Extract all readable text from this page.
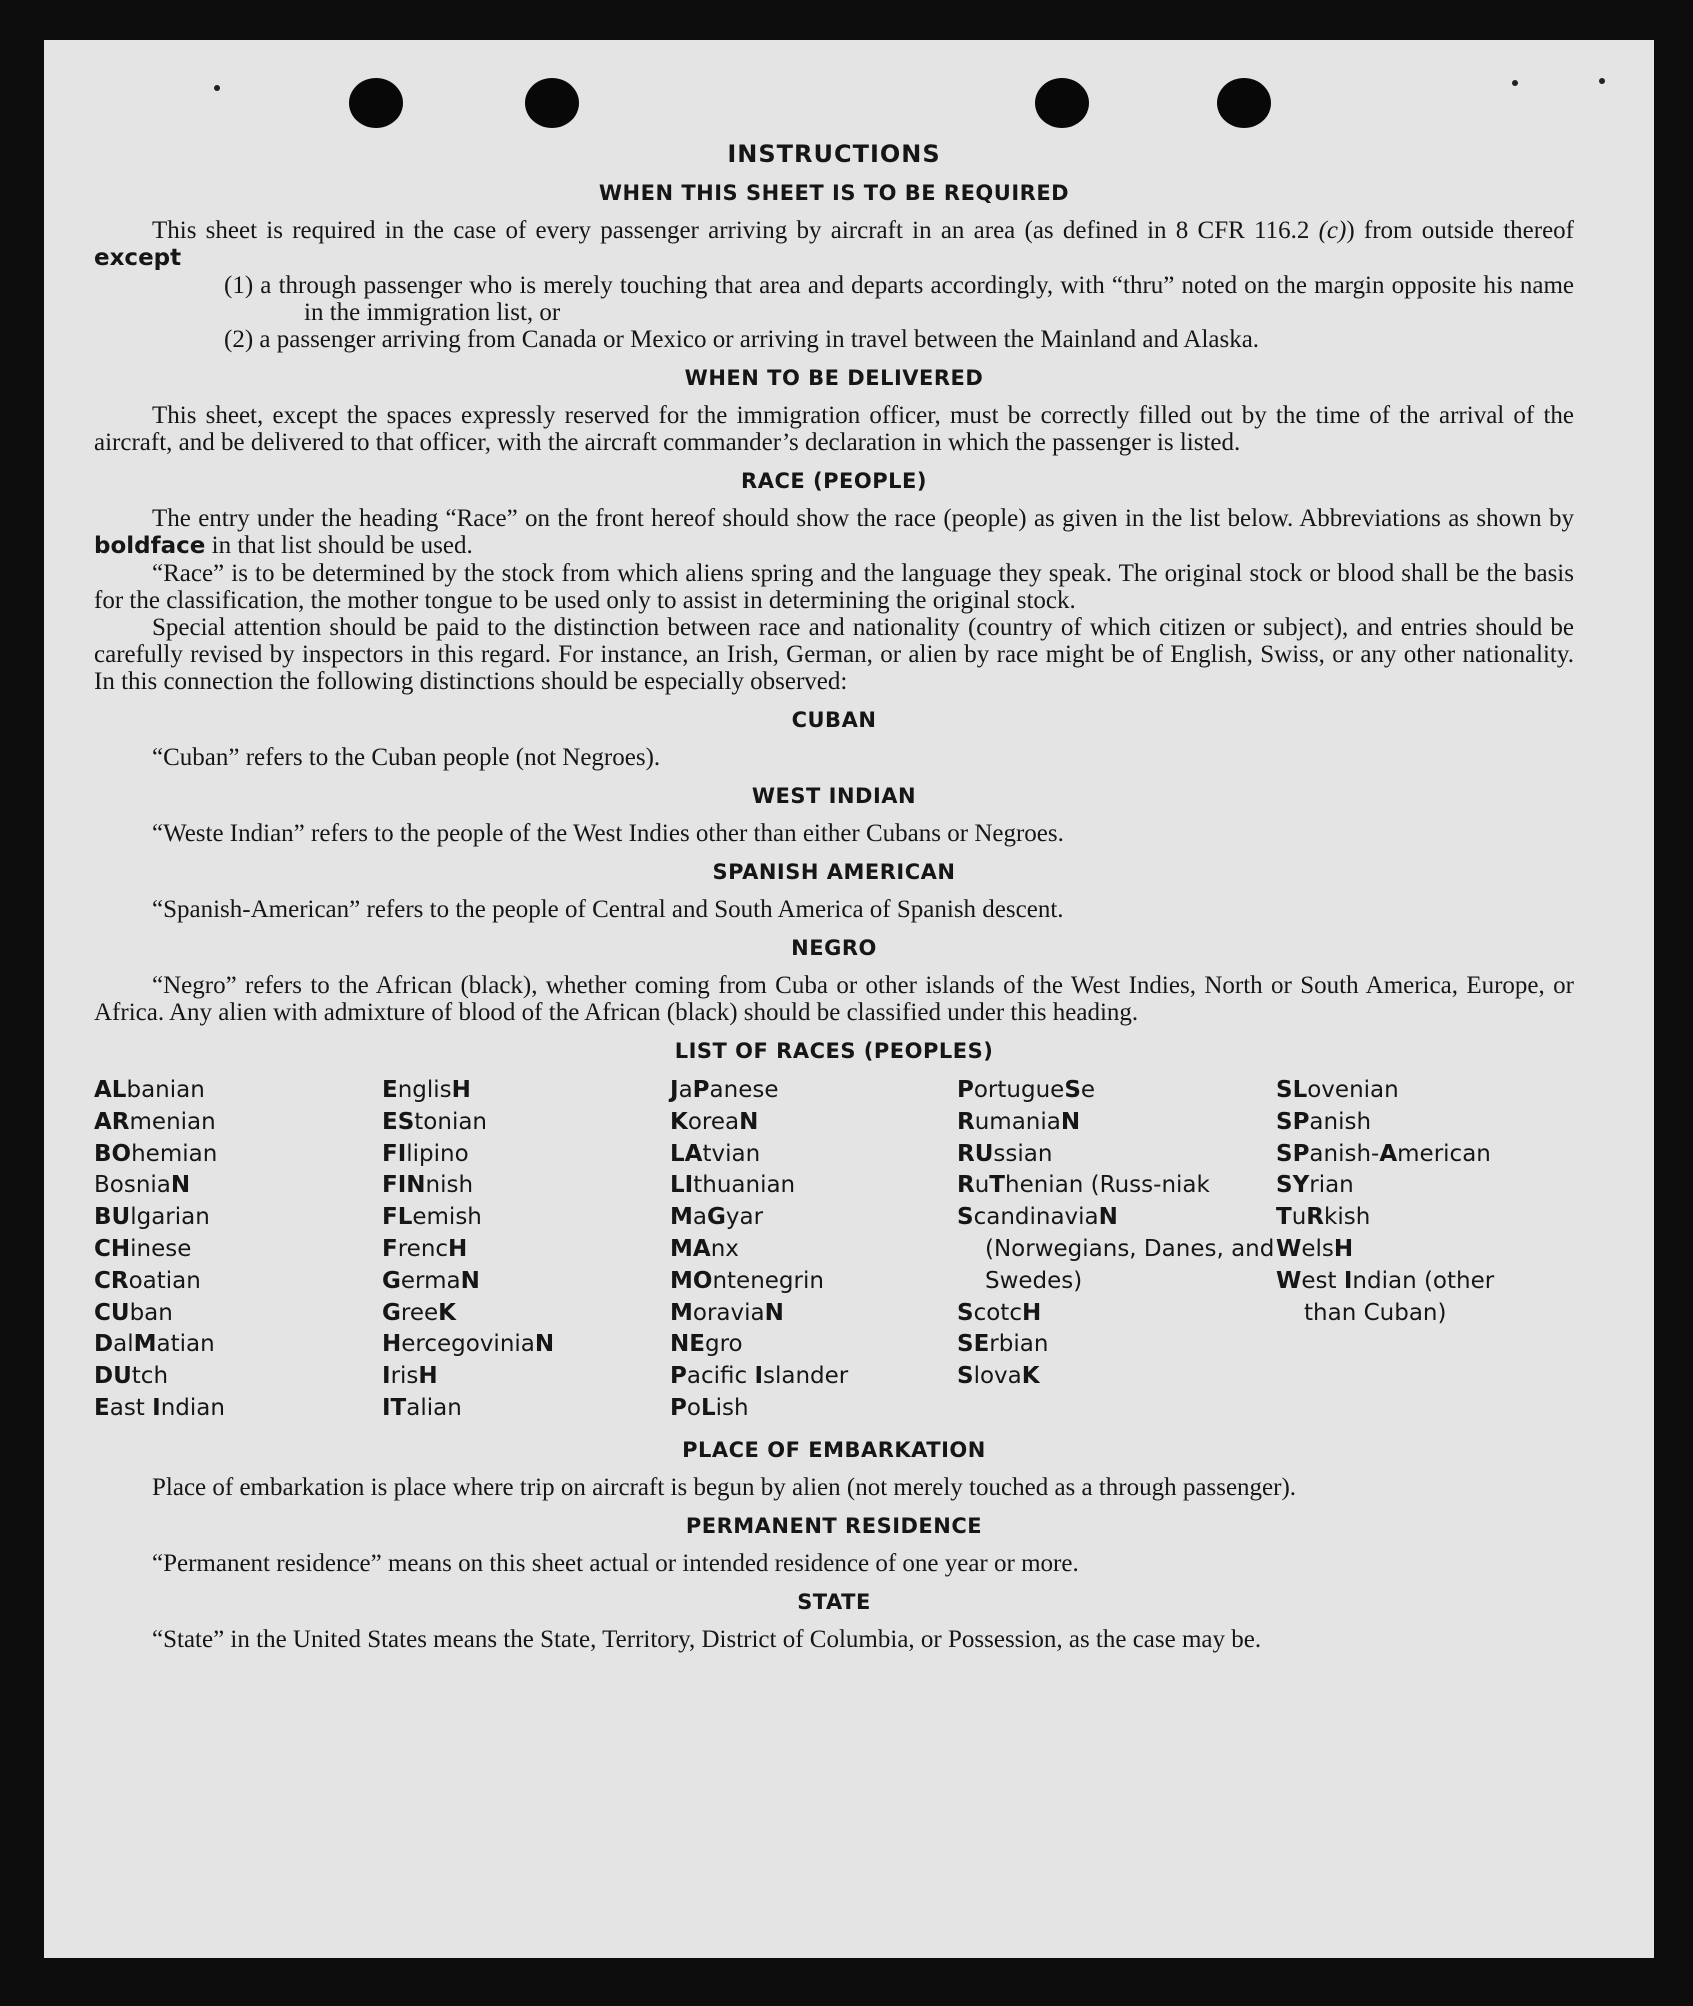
INSTRUCTIONS
WHEN THIS SHEET IS TO BE REQUIRED

This sheet is required in the case of every passenger arriving by aircraft in an area (as defined in 8 CFR 116.2 (c)) from outside thereof except

(1) a through passenger who is merely touching that area and departs accordingly, with “thru” noted on the margin opposite his name in the immigration list, or

(2) a passenger arriving from Canada or Mexico or arriving in travel between the Mainland and Alaska.

WHEN TO BE DELIVERED

This sheet, except the spaces expressly reserved for the immigration officer, must be correctly filled out by the time of the arrival of the aircraft, and be delivered to that officer, with the aircraft commander’s declaration in which the passenger is listed.

RACE (PEOPLE)

The entry under the heading “Race” on the front hereof should show the race (people) as given in the list below. Abbreviations as shown by boldface in that list should be used.

“Race” is to be determined by the stock from which aliens spring and the language they speak. The original stock or blood shall be the basis for the classification, the mother tongue to be used only to assist in determining the original stock.

Special attention should be paid to the distinction between race and nationality (country of which citizen or subject), and entries should be carefully revised by inspectors in this regard. For instance, an Irish, German, or alien by race might be of English, Swiss, or any other nationality. In this connection the following distinctions should be especially observed:

CUBAN

“Cuban” refers to the Cuban people (not Negroes).

WEST INDIAN

“Weste Indian” refers to the people of the West Indies other than either Cubans or Negroes.

SPANISH AMERICAN

“Spanish-American” refers to the people of Central and South America of Spanish descent.

NEGRO

“Negro” refers to the African (black), whether coming from Cuba or other islands of the West Indies, North or South America, Europe, or Africa. Any alien with admixture of blood of the African (black) should be classified under this heading.

LIST OF RACES (PEOPLES)
ALbanian
ARmenian
BOhemian
BosniaN
BUlgarian
CHinese
CRoatian
CUban
DalMatian
DUtch
East Indian
EnglisH
EStonian
FIlipino
FINnish
FLemish
FrencH
GermaN
GreeK
HercegoviniaN
IrisH
ITalian
JaPanese
KoreaN
LAtvian
LIthuanian
MaGyar
MAnx
MOntenegrin
MoraviaN
NEgro
Pacific Islander
PoLish
PortugueSe
RumaniaN
RUssian
RuThenian (Russ-niak
ScandinaviaN (Norwegians, Danes, and Swedes)
ScotcH
SErbian
SlovaK
SLovenian
SPanish
SPanish-American
SYrian
TuRkish
WelsH
West Indian (other than Cuban)
PLACE OF EMBARKATION

Place of embarkation is place where trip on aircraft is begun by alien (not merely touched as a through passenger).

PERMANENT RESIDENCE

“Permanent residence” means on this sheet actual or intended residence of one year or more.

STATE

“State” in the United States means the State, Territory, District of Columbia, or Possession, as the case may be.
